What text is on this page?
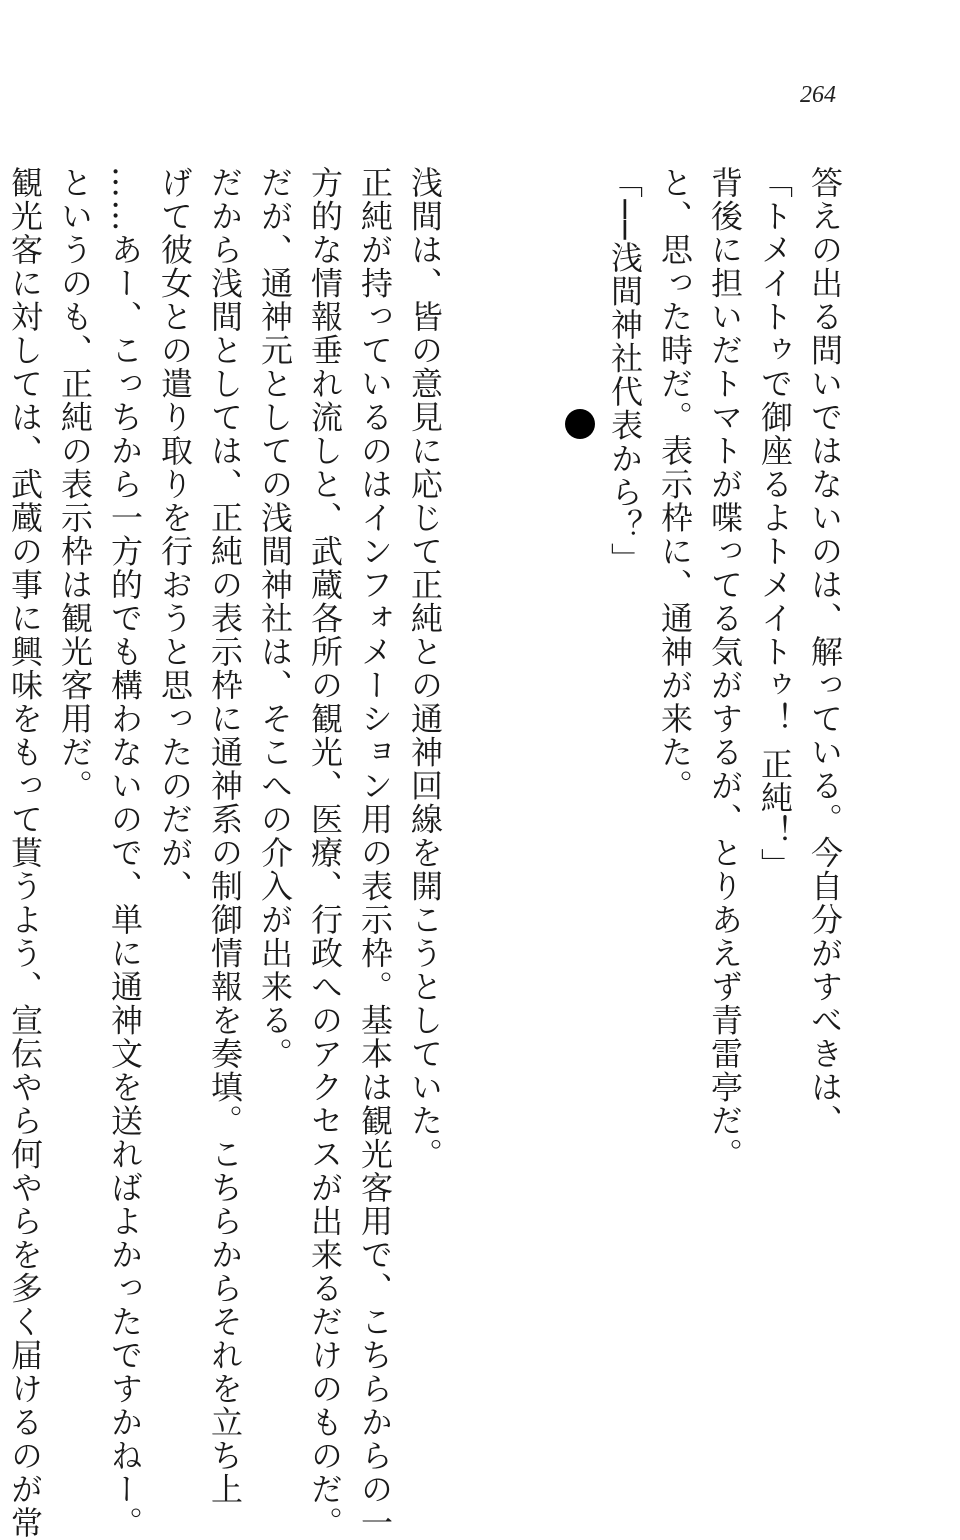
264

答えの出る問いではないのは、解っている。今自分がすべきは、

「トメイトゥで御座るよトメイトゥ！ 正純！」

背後に担いだトマトが喋ってる気がするが、とりあえず青雷亭だ。

と、思った時だ。表示枠に、通神が来た。

「──浅間神社代表から？」

浅間は、皆の意見に応じて正純との通神回線を開こうとしていた。

正純が持っているのはインフォメーション用の表示枠。基本は観光客用で、こちらからの一

方的な情報垂れ流しと、武蔵各所の観光、医療、行政へのアクセスが出来るだけのものだ。

だが、通神元としての浅間神社は、そこへの介入が出来る。

だから浅間としては、正純の表示枠に通神系の制御情報を奏填。こちらからそれを立ち上

げて彼女との遣り取りを行おうと思ったのだが、

……あー、こっちから一方的でも構わないので、単に通神文を送ればよかったですかねー。

というのも、正純の表示枠は観光客用だ。

観光客に対しては、武蔵の事に興味をもって貰うよう、宣伝やら何やらを多く届けるのが常
